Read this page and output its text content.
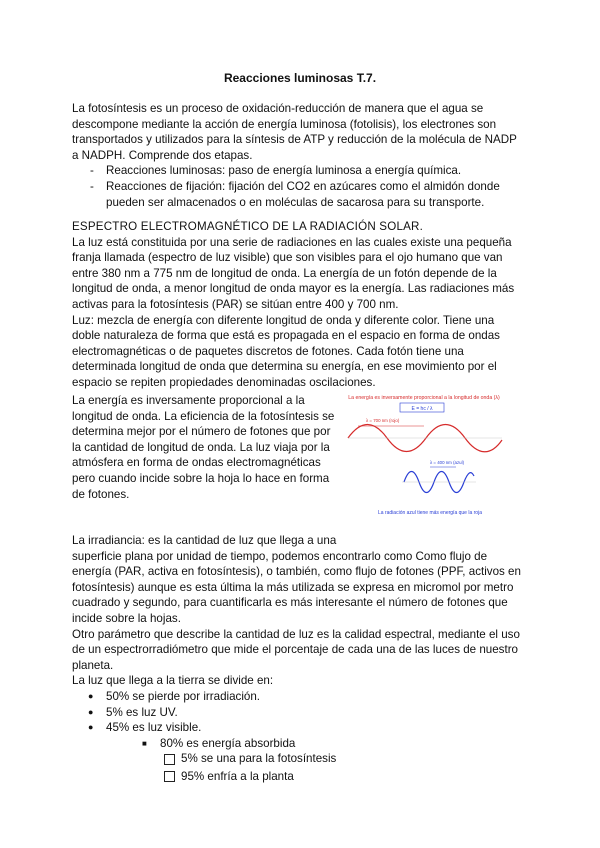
Reacciones luminosas T.7.

La fotosíntesis es un proceso de oxidación-reducción de manera que el agua se descompone mediante la acción de energía luminosa (fotolisis), los electrones son transportados y utilizados para la síntesis de ATP y reducción de la molécula de NADP a NADPH. Comprende dos etapas.

- Reacciones luminosas: paso de energía luminosa a energía química.
- Reacciones de fijación: fijación del CO2 en azúcares como el almidón donde pueden ser almacenados o en moléculas de sacarosa para su transporte.

ESPECTRO ELECTROMAGNÉTICO DE LA RADIACIÓN SOLAR.

La luz está constituida por una serie de radiaciones en las cuales existe una pequeña franja llamada (espectro de luz visible) que son visibles para el ojo humano que van entre 380 nm a 775 nm de longitud de onda. La energía de un fotón depende de la longitud de onda, a menor longitud de onda mayor es la energía. Las radiaciones más activas para la fotosíntesis (PAR) se sitúan entre 400 y 700 nm.

Luz: mezcla de energía con diferente longitud de onda y diferente color. Tiene una doble naturaleza de forma que está es propagada en el espacio en forma de ondas electromagnéticas o de paquetes discretos de fotones. Cada fotón tiene una determinada longitud de onda que determina su energía, en ese movimiento por el espacio se repiten propiedades denominadas oscilaciones.

La energía es inversamente proporcional a la longitud de onda. La eficiencia de la fotosíntesis se determina mejor por el número de fotones que por la cantidad de longitud de onda. La luz viaja por la atmósfera en forma de ondas electromagnéticas pero cuando incide sobre la hoja lo hace en forma de fotones.

La energía es inversamente proporcional a la longitud de onda (λ)
E = hc / λ
λ = 700 nm (rojo)
λ = 400 nm (azul)
La radiación azul tiene más energía que la roja

La irradiancia: es la cantidad de luz que llega a una

superficie plana por unidad de tiempo, podemos encontrarlo como Como flujo de energía (PAR, activa en fotosíntesis), o también, como flujo de fotones (PPF, activos en fotosíntesis) aunque es esta última la más utilizada se expresa en micromol por metro cuadrado y segundo, para cuantificarla es más interesante el número de fotones que incide sobre la hojas.

Otro parámetro que describe la cantidad de luz es la calidad espectral, mediante el uso de un espectrorradiómetro que mide el porcentaje de cada una de las luces de nuestro planeta.

La luz que llega a la tierra se divide en:

● 50% se pierde por irradiación.
● 5% es luz UV.
● 45% es luz visible.
■ 80% es energía absorbida
5% se una para la fotosíntesis
95% enfría a la planta
